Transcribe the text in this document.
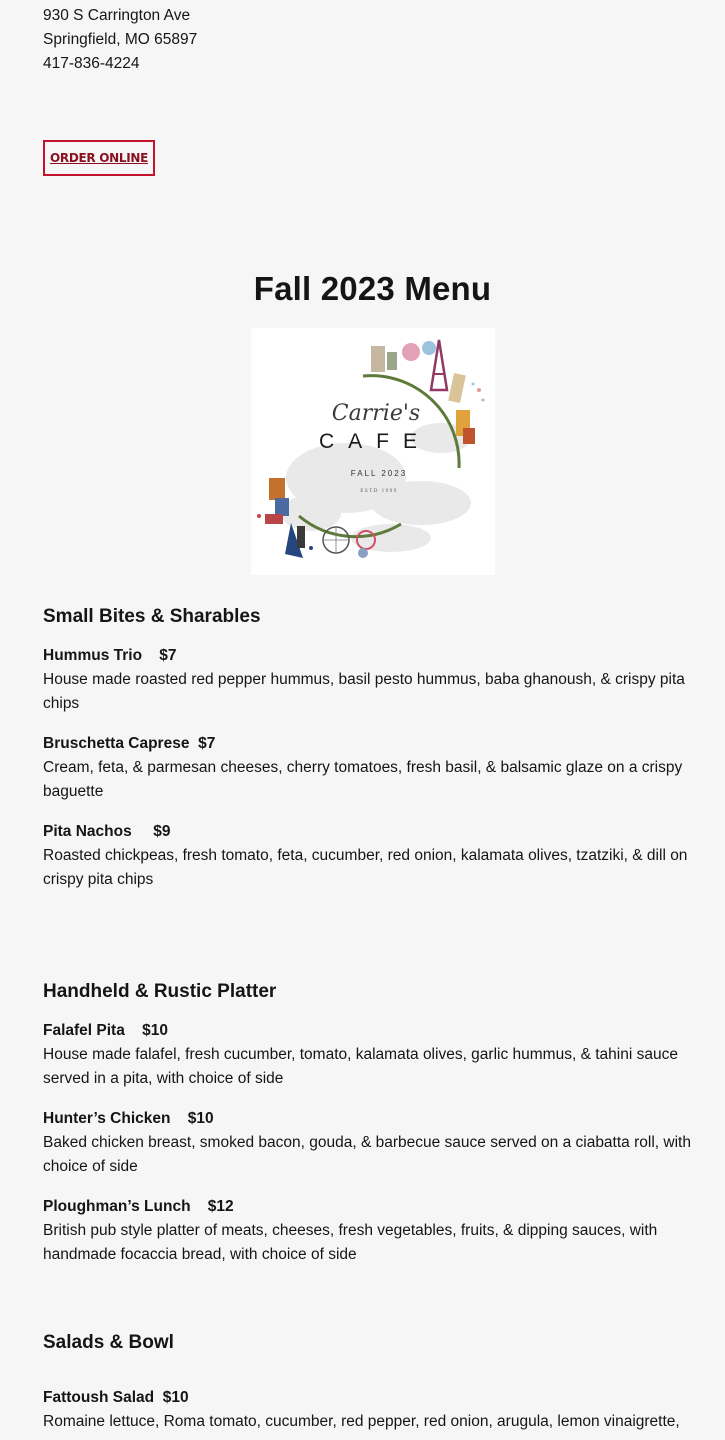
930 S Carrington Ave
Springfield, MO 65897
417-836-4224
ORDER ONLINE
Fall 2023 Menu
Carrie's
CAFE
FALL 2023
ESTD 1999
Small Bites & Sharables
Hummus Trio $7
House made roasted red pepper hummus, basil pesto hummus, baba ghanoush, & crispy pita chips
Bruschetta Caprese $7
Cream, feta, & parmesan cheeses, cherry tomatoes, fresh basil, & balsamic glaze on a crispy baguette
Pita Nachos $9
Roasted chickpeas, fresh tomato, feta, cucumber, red onion, kalamata olives, tzatziki, & dill on crispy pita chips
Handheld & Rustic Platter
Falafel Pita $10
House made falafel, fresh cucumber, tomato, kalamata olives, garlic hummus, & tahini sauce served in a pita, with choice of side
Hunter’s Chicken $10
Baked chicken breast, smoked bacon, gouda, & barbecue sauce served on a ciabatta roll, with choice of side
Ploughman’s Lunch $12
British pub style platter of meats, cheeses, fresh vegetables, fruits, & dipping sauces, with handmade focaccia bread, with choice of side
Salads & Bowl
Fattoush Salad $10
Romaine lettuce, Roma tomato, cucumber, red pepper, red onion, arugula, lemon vinaigrette,
